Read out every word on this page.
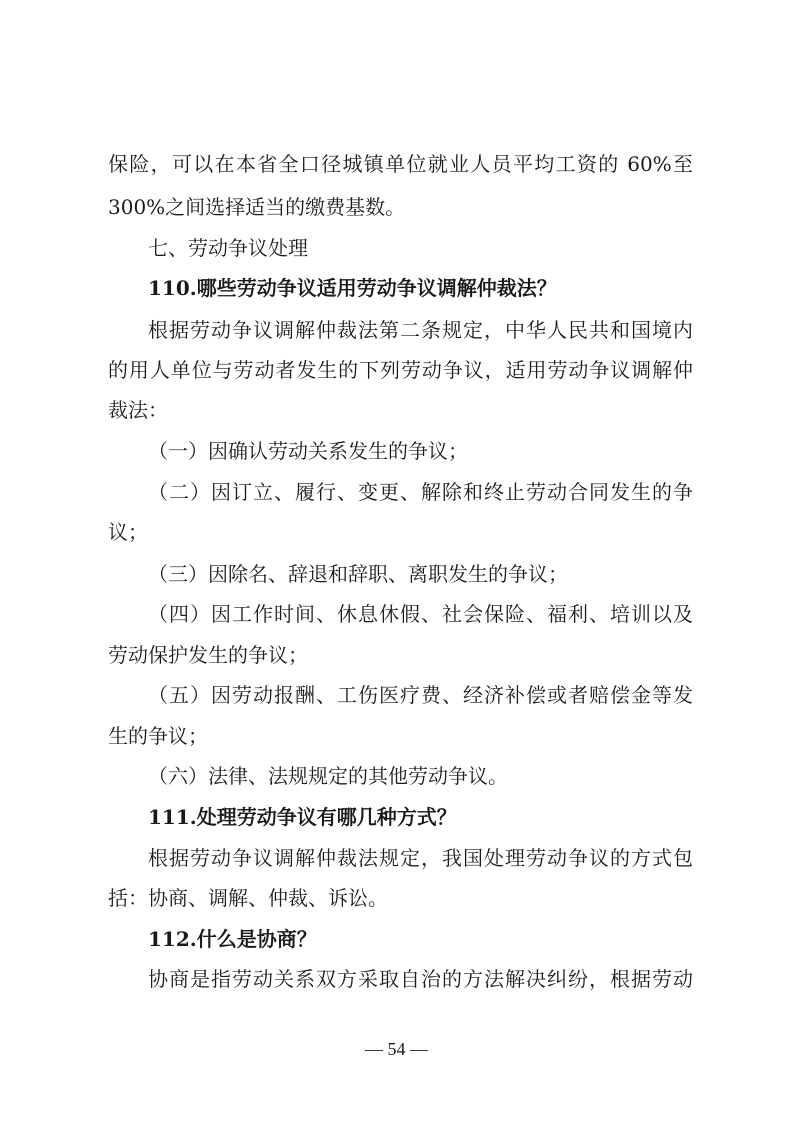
保险，可以在本省全口径城镇单位就业人员平均工资的 60%至
300%之间选择适当的缴费基数。
七、劳动争议处理
110.哪些劳动争议适用劳动争议调解仲裁法？
根据劳动争议调解仲裁法第二条规定，中华人民共和国境内
的用人单位与劳动者发生的下列劳动争议，适用劳动争议调解仲
裁法：
（一）因确认劳动关系发生的争议；
（二）因订立、履行、变更、解除和终止劳动合同发生的争
议；
（三）因除名、辞退和辞职、离职发生的争议；
（四）因工作时间、休息休假、社会保险、福利、培训以及
劳动保护发生的争议；
（五）因劳动报酬、工伤医疗费、经济补偿或者赔偿金等发
生的争议；
（六）法律、法规规定的其他劳动争议。
111.处理劳动争议有哪几种方式？
根据劳动争议调解仲裁法规定，我国处理劳动争议的方式包
括：协商、调解、仲裁、诉讼。
112.什么是协商？
协商是指劳动关系双方采取自治的方法解决纠纷，根据劳动
— 54 —
